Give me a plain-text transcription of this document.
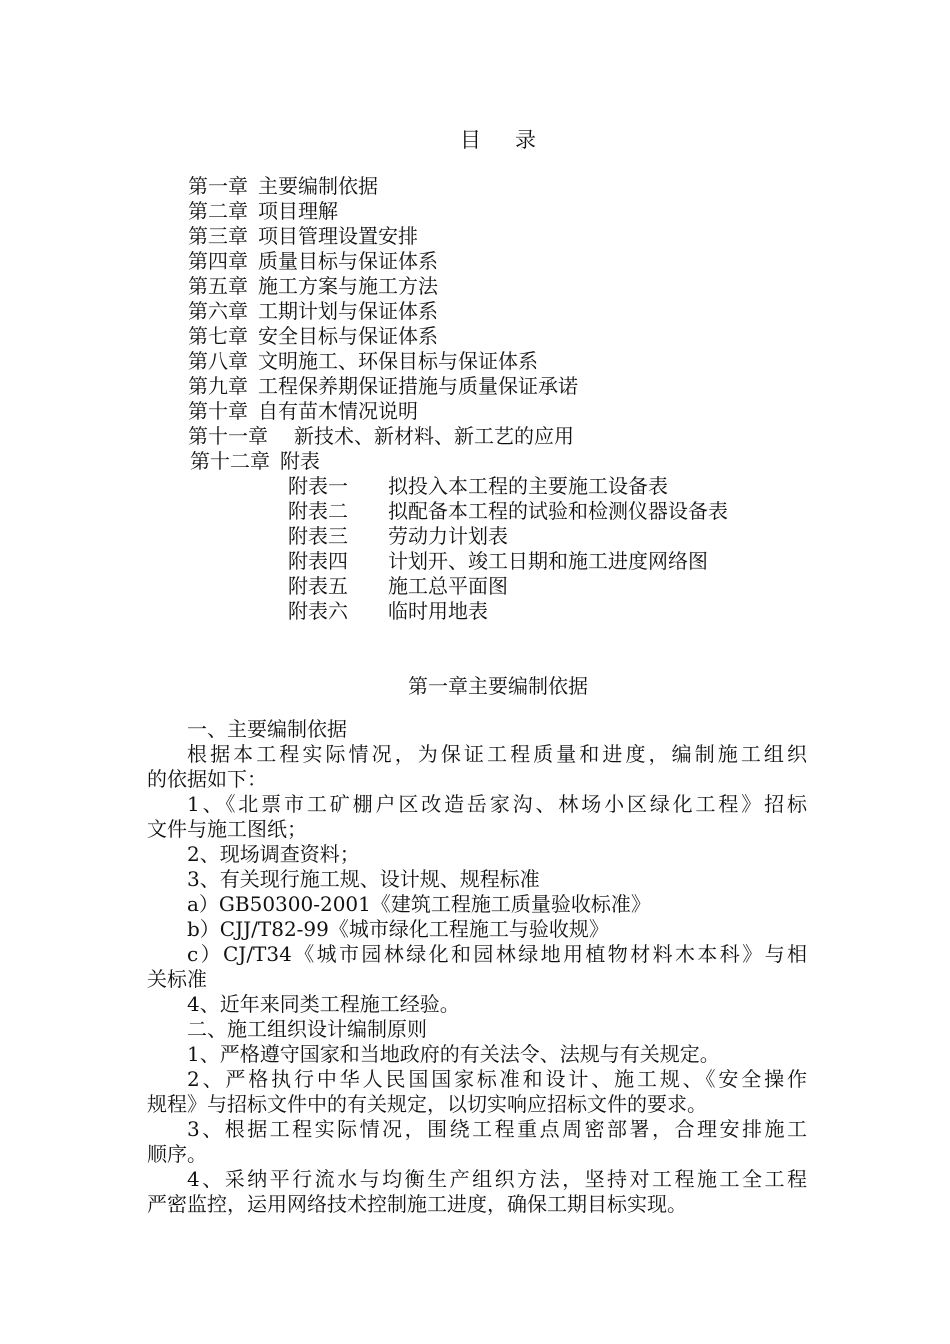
目 录
第一章 主要编制依据
第二章 项目理解
第三章 项目管理设置安排
第四章 质量目标与保证体系
第五章 施工方案与施工方法
第六章 工期计划与保证体系
第七章 安全目标与保证体系
第八章 文明施工、环保目标与保证体系
第九章 工程保养期保证措施与质量保证承诺
第十章 自有苗木情况说明
第十一章 新技术、新材料、新工艺的应用
第十二章 附表
附表一 拟投入本工程的主要施工设备表
附表二 拟配备本工程的试验和检测仪器设备表
附表三 劳动力计划表
附表四 计划开、竣工日期和施工进度网络图
附表五 施工总平面图
附表六 临时用地表
第一章主要编制依据
一、主要编制依据
根据本工程实际情况，为保证工程质量和进度，编制施工组织
的依据如下：
1、《北票市工矿棚户区改造岳家沟、林场小区绿化工程》招标
文件与施工图纸；
2、现场调查资料；
3、有关现行施工规、设计规、规程标准
a）GB50300-2001《建筑工程施工质量验收标准》
b）CJJ/T82-99《城市绿化工程施工与验收规》
c）CJ/T34《城市园林绿化和园林绿地用植物材料木本科》与相
关标准
4、近年来同类工程施工经验。
二、施工组织设计编制原则
1、严格遵守国家和当地政府的有关法令、法规与有关规定。
2、严格执行中华人民国国家标准和设计、施工规、《安全操作
规程》与招标文件中的有关规定，以切实响应招标文件的要求。
3、根据工程实际情况，围绕工程重点周密部署，合理安排施工
顺序。
4、采纳平行流水与均衡生产组织方法，坚持对工程施工全工程
严密监控，运用网络技术控制施工进度，确保工期目标实现。
